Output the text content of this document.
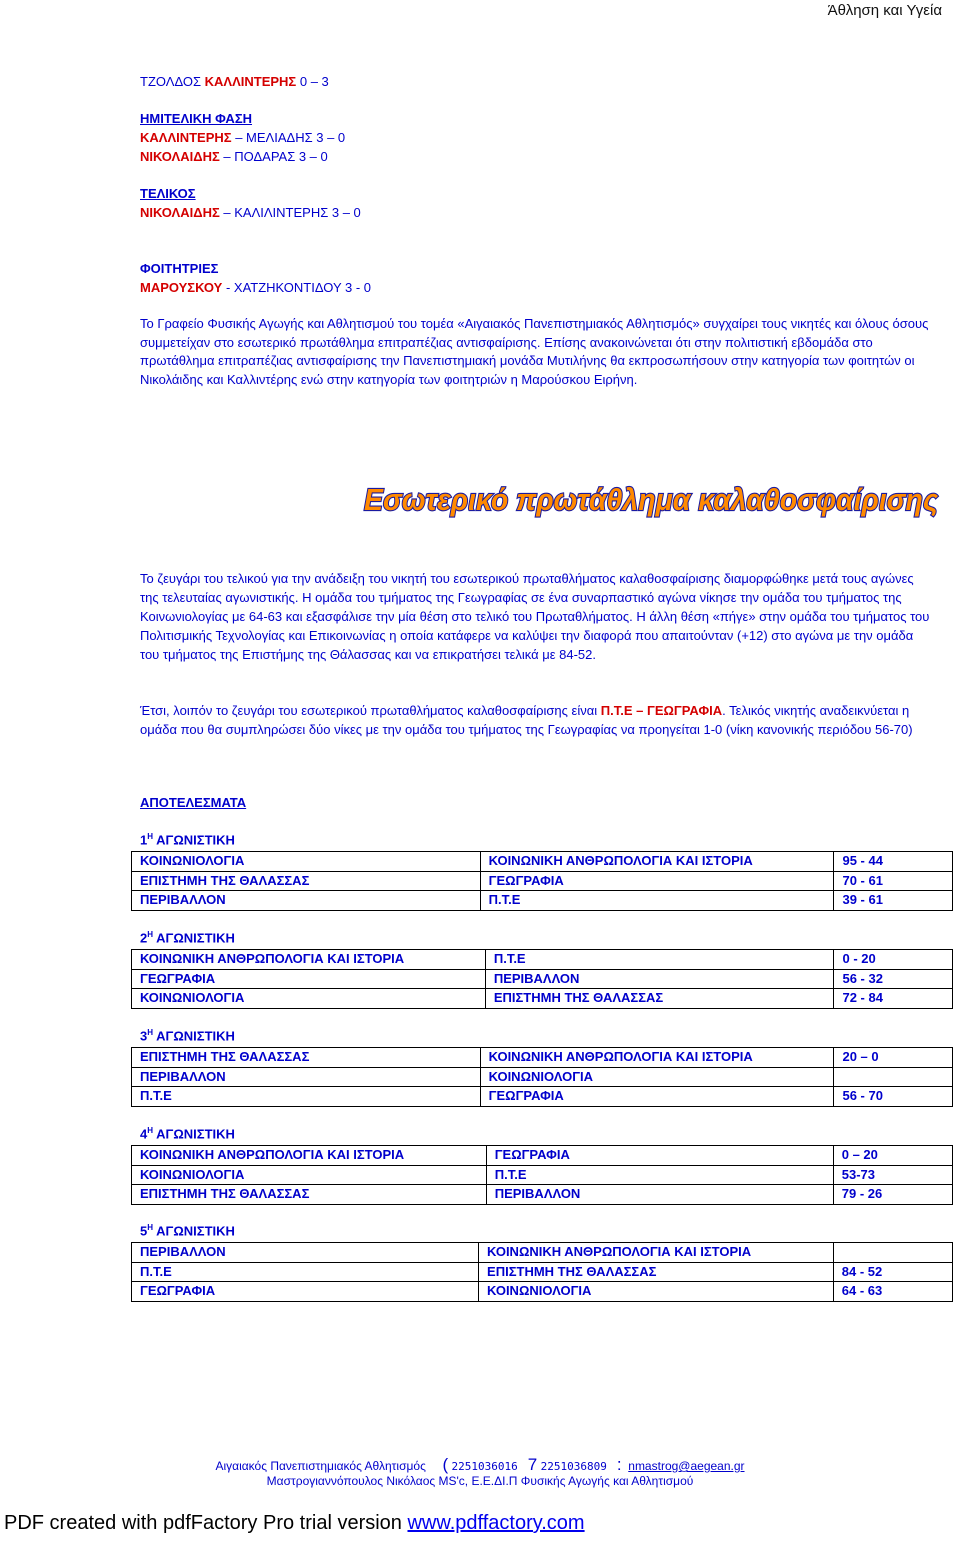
Άθληση και Υγεία
ΤΖΟΛΔΟΣ ΚΑΛΛΙΝΤΕΡΗΣ 0 – 3
ΗΜΙΤΕΛΙΚΗ ΦΑΣΗ
ΚΑΛΛΙΝΤΕΡΗΣ – ΜΕΛΙΑΔΗΣ 3 – 0
ΝΙΚΟΛΑΙΔΗΣ – ΠΟΔΑΡΑΣ 3 – 0
ΤΕΛΙΚΟΣ
ΝΙΚΟΛΑΙΔΗΣ – ΚΑΛΙΛΙΝΤΕΡΗΣ 3 – 0
ΦΟΙΤΗΤΡΙΕΣ
ΜΑΡΟΥΣΚΟΥ - ΧΑΤΖΗΚΟΝΤΙΔΟΥ 3 - 0
Το Γραφείο Φυσικής Αγωγής και Αθλητισμού του τομέα «Αιγαιακός Πανεπιστημιακός Αθλητισμός» συγχαίρει τους νικητές και όλους όσους συμμετείχαν στο εσωτερικό πρωτάθλημα επιτραπέζιας αντισφαίρισης. Επίσης ανακοινώνεται ότι στην πολιτιστική εβδομάδα στο πρωτάθλημα επιτραπέζιας αντισφαίρισης την Πανεπιστημιακή μονάδα Μυτιλήνης θα εκπροσωπήσουν στην κατηγορία των φοιτητών οι Νικολάιδης και Καλλιντέρης ενώ στην κατηγορία των φοιτητριών η Μαρούσκου Ειρήνη.
Εσωτερικό πρωτάθλημα καλαθοσφαίρισης
Το ζευγάρι του τελικού για την ανάδειξη του νικητή του εσωτερικού πρωταθλήματος καλαθοσφαίρισης διαμορφώθηκε μετά τους αγώνες της τελευταίας αγωνιστικής. Η ομάδα του τμήματος της Γεωγραφίας σε ένα συναρπαστικό αγώνα νίκησε την ομάδα του τμήματος της Κοινωνιολογίας με 64-63 και εξασφάλισε την μία θέση στο τελικό του Πρωταθλήματος. Η άλλη θέση «πήγε» στην ομάδα του τμήματος του Πολιτισμικής Τεχνολογίας και Επικοινωνίας η οποία κατάφερε να καλύψει την διαφορά που απαιτούνταν (+12) στο αγώνα με την ομάδα του τμήματος της Επιστήμης της Θάλασσας και να επικρατήσει τελικά με 84-52.
Έτσι, λοιπόν το ζευγάρι του εσωτερικού πρωταθλήματος καλαθοσφαίρισης είναι Π.Τ.Ε – ΓΕΩΓΡΑΦΙΑ. Τελικός νικητής αναδεικνύεται η ομάδα που θα συμπληρώσει δύο νίκες με την ομάδα του τμήματος της Γεωγραφίας να προηγείται 1-0 (νίκη κανονικής περιόδου 56-70)
ΑΠΟΤΕΛΕΣΜΑΤΑ
$1^H$ ΑΓΩΝΙΣΤΙΚΗ
ΚΟΙΝΩΝΙΟΛΟΓΙΑ	ΚΟΙΝΩΝΙΚΗ ΑΝΘΡΩΠΟΛΟΓΙΑ ΚΑΙ ΙΣΤΟΡΙΑ	95 - 44
ΕΠΙΣΤΗΜΗ ΤΗΣ ΘΑΛΑΣΣΑΣ	ΓΕΩΓΡΑΦΙΑ	70 - 61
ΠΕΡΙΒΑΛΛΟΝ	Π.Τ.Ε	39 - 61
$2^H$ ΑΓΩΝΙΣΤΙΚΗ
ΚΟΙΝΩΝΙΚΗ ΑΝΘΡΩΠΟΛΟΓΙΑ ΚΑΙ ΙΣΤΟΡΙΑ	Π.Τ.Ε	0 - 20
ΓΕΩΓΡΑΦΙΑ	ΠΕΡΙΒΑΛΛΟΝ	56 - 32
ΚΟΙΝΩΝΙΟΛΟΓΙΑ	ΕΠΙΣΤΗΜΗ ΤΗΣ ΘΑΛΑΣΣΑΣ	72 - 84
$3^H$ ΑΓΩΝΙΣΤΙΚΗ
ΕΠΙΣΤΗΜΗ ΤΗΣ ΘΑΛΑΣΣΑΣ	ΚΟΙΝΩΝΙΚΗ ΑΝΘΡΩΠΟΛΟΓΙΑ ΚΑΙ ΙΣΤΟΡΙΑ	20 – 0
ΠΕΡΙΒΑΛΛΟΝ	ΚΟΙΝΩΝΙΟΛΟΓΙΑ	
Π.Τ.Ε	ΓΕΩΓΡΑΦΙΑ	56 - 70
$4^H$ ΑΓΩΝΙΣΤΙΚΗ
ΚΟΙΝΩΝΙΚΗ ΑΝΘΡΩΠΟΛΟΓΙΑ ΚΑΙ ΙΣΤΟΡΙΑ	ΓΕΩΓΡΑΦΙΑ	0 – 20
ΚΟΙΝΩΝΙΟΛΟΓΙΑ	Π.Τ.Ε	53-73
ΕΠΙΣΤΗΜΗ ΤΗΣ ΘΑΛΑΣΣΑΣ	ΠΕΡΙΒΑΛΛΟΝ	79 - 26
$5^H$ ΑΓΩΝΙΣΤΙΚΗ
ΠΕΡΙΒΑΛΛΟΝ	ΚΟΙΝΩΝΙΚΗ ΑΝΘΡΩΠΟΛΟΓΙΑ ΚΑΙ ΙΣΤΟΡΙΑ	
Π.Τ.Ε	ΕΠΙΣΤΗΜΗ ΤΗΣ ΘΑΛΑΣΣΑΣ	84 - 52
ΓΕΩΓΡΑΦΙΑ	ΚΟΙΝΩΝΙΟΛΟΓΙΑ	64 - 63
Αιγαιακός Πανεπιστημιακός Αθλητισμός ( 2251036016 7 2251036809 : nmastrog@aegean.gr
Μαστρογιαννόπουλος Νικόλαος MS'c, Ε.Ε.ΔΙ.Π Φυσικής Αγωγής και Αθλητισμού
PDF created with pdfFactory Pro trial version www.pdffactory.com
